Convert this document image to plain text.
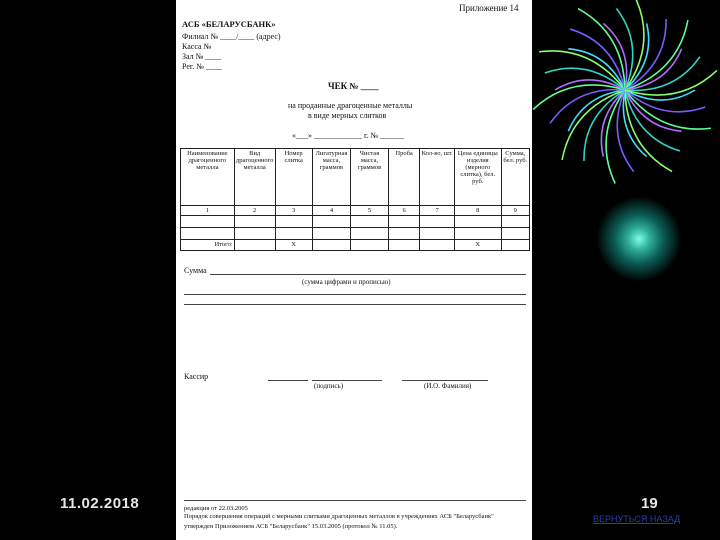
Приложение 14
АСБ «БЕЛАРУСБАНК»
Филиал № ____/____ (адрес)
Касса №
Зал № ____
Рег. № ____
ЧЕК № ____
на проданные драгоценные металлы
в виде мерных слитков
«___» ____________ г. № ______
Наименование драгоценного металла	Вид драгоценного металла	Номер слитка	Лигатурная масса, граммов	Чистая масса, граммов	Проба	Кол-во, шт.	Цена единицы изделия (мерного слитка), бел. руб.	Сумма, бел. руб.
1	2	3	4	5	6	7	8	9

Итого:		X					X	
Сумма
(сумма цифрами и прописью)
Кассир
(подпись)	(И.О. Фамилия)
редакция от 22.03.2005
Порядок совершения операций с мерными слитками драгоценных металлов в учреждениях АСБ "Беларусбанк"
утвержден Приложением АСБ "Беларусбанк" 15.03.2005 (протокол № 11.05).
11.02.2018	19
ВЕРНУТЬСЯ НАЗАД
